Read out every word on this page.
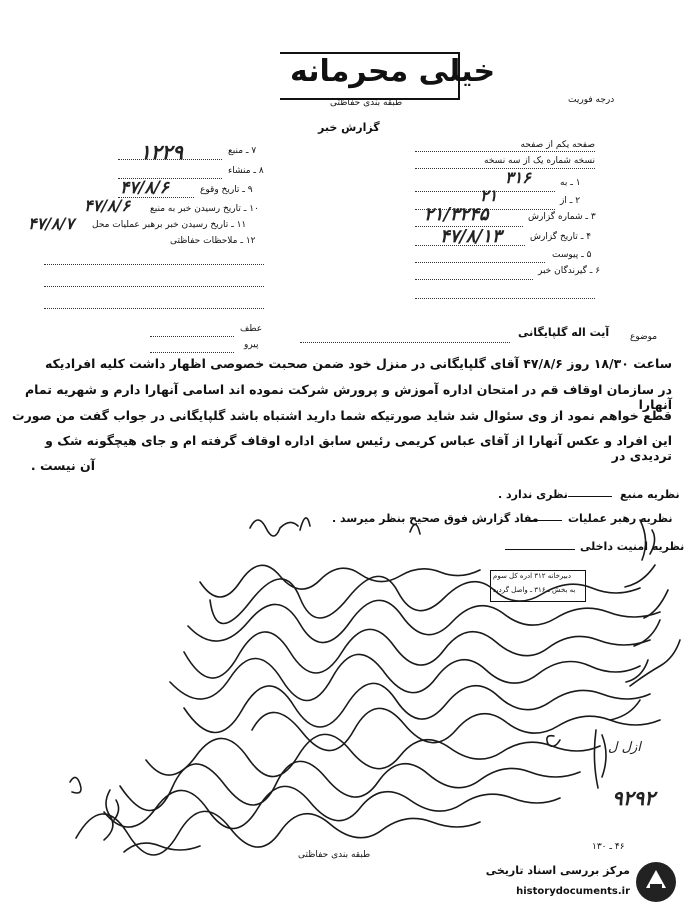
خیلی محرمانه
طبقه بندی حفاظتی	درجه فوریت
گزارش خبر
۷ ـ منبع
۱۲۲۹
۸ ـ منشاء
۹ ـ تاریخ وقوع
۴۷/۸/۶
۱۰ ـ تاریخ رسیدن خبر به منبع
۴۷/۸/۶
۱۱ ـ تاریخ رسیدن خبر برهبر عملیات محل
۴۷/۸/۷
۱۲ ـ ملاحظات حفاظتی
صفحه یکم از صفحه
نسخه شماره یک از سه نسخه
۱ ـ به
۳۱۶
۲ ـ از
۲۱
۳ ـ شماره گزارش
۲۱/۳۲۴۵
۴ ـ تاریخ گزارش
۴۷/۸/۱۳
۵ ـ پیوست
۶ ـ گیرندگان خبر
موضوع
آیت اله گلپایگانی
عطف
پیرو
ساعت ۱۸/۳۰ روز ۴۷/۸/۶ آقای گلپایگانی در منزل خود ضمن صحبت خصوصی اظهار داشت کلیه افرادیکه
در سازمان اوقاف قم در امتحان اداره آموزش و پرورش شرکت نموده اند اسامی آنهارا دارم و شهریه تمام آنهارا
قطع خواهم نمود از وی سئوال شد شاید صورتیکه شما دارید اشتباه باشد گلپایگانی در جواب گفت من صورت
این افراد و عکس آنهارا از آقای عباس کریمی رئیس سابق اداره اوقاف گرفته ام و جای هیچگونه شک و تردیدی در
آن نیست .
نظریه منبع
نظری ندارد .
نظریه رهبر عملیات
مفاد گزارش فوق صحیح بنظر میرسد .
نظریه امنیت داخلی
دبیرخانه ۳۱۲ ادره کل سوم
به بخش ـ ۳۱۶ ـ واصل گردید
۹۲۹۲
ازل ل
طبقه بندی حفاظتی
۴۶ ـ ۱۳۰
مرکز بررسی اسناد تاریخی
historydocuments.ir
